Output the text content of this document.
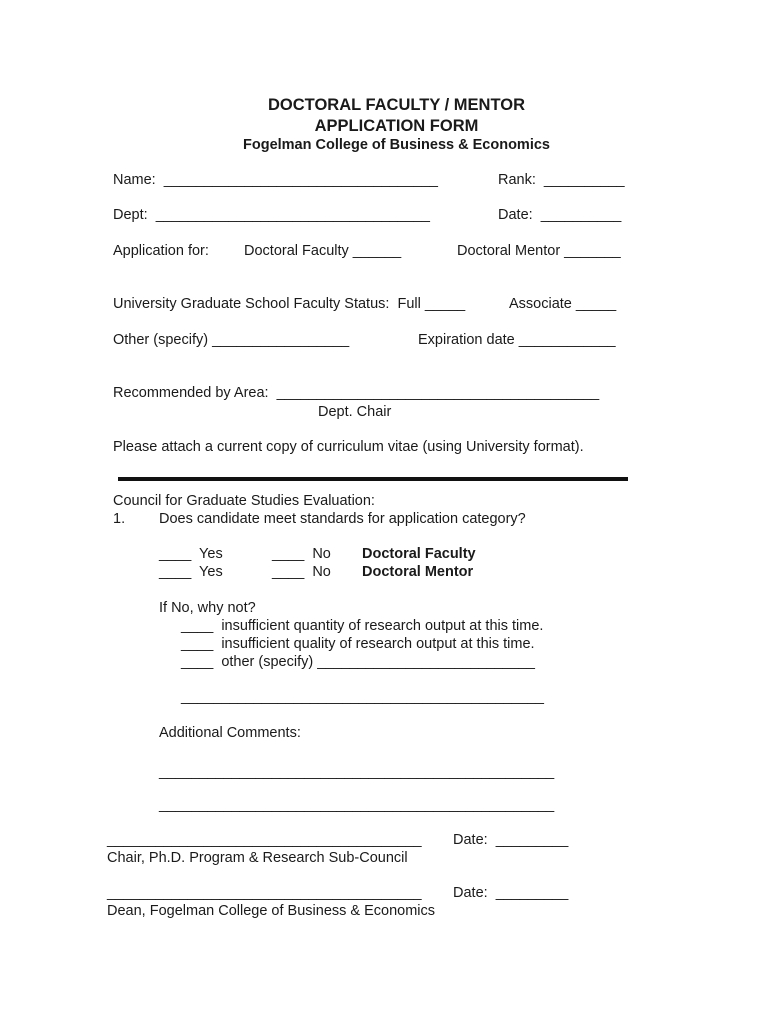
DOCTORAL FACULTY / MENTOR
APPLICATION FORM
Fogelman College of Business & Economics
Name:  __________________________________	Rank:  __________
Dept:  __________________________________	Date:  __________
Application for: Doctoral Faculty ______	Doctoral Mentor _______
University Graduate School Faculty Status:  Full _____	Associate _____
Other (specify) _________________	Expiration date ____________
Recommended by Area:  ________________________________________
Dept. Chair
Please attach a current copy of curriculum vitae (using University format).
Council for Graduate Studies Evaluation:
1. Does candidate meet standards for application category?
____  Yes	____  No Doctoral Faculty
____  Yes	____  No Doctoral Mentor
If No, why not?
____  insufficient quantity of research output at this time.
____  insufficient quality of research output at this time.
____  other (specify) ___________________________
_____________________________________________
Additional Comments:
_________________________________________________
_________________________________________________
_______________________________________ Date:  _________
Chair, Ph.D. Program & Research Sub-Council
_______________________________________ Date:  _________
Dean, Fogelman College of Business & Economics
